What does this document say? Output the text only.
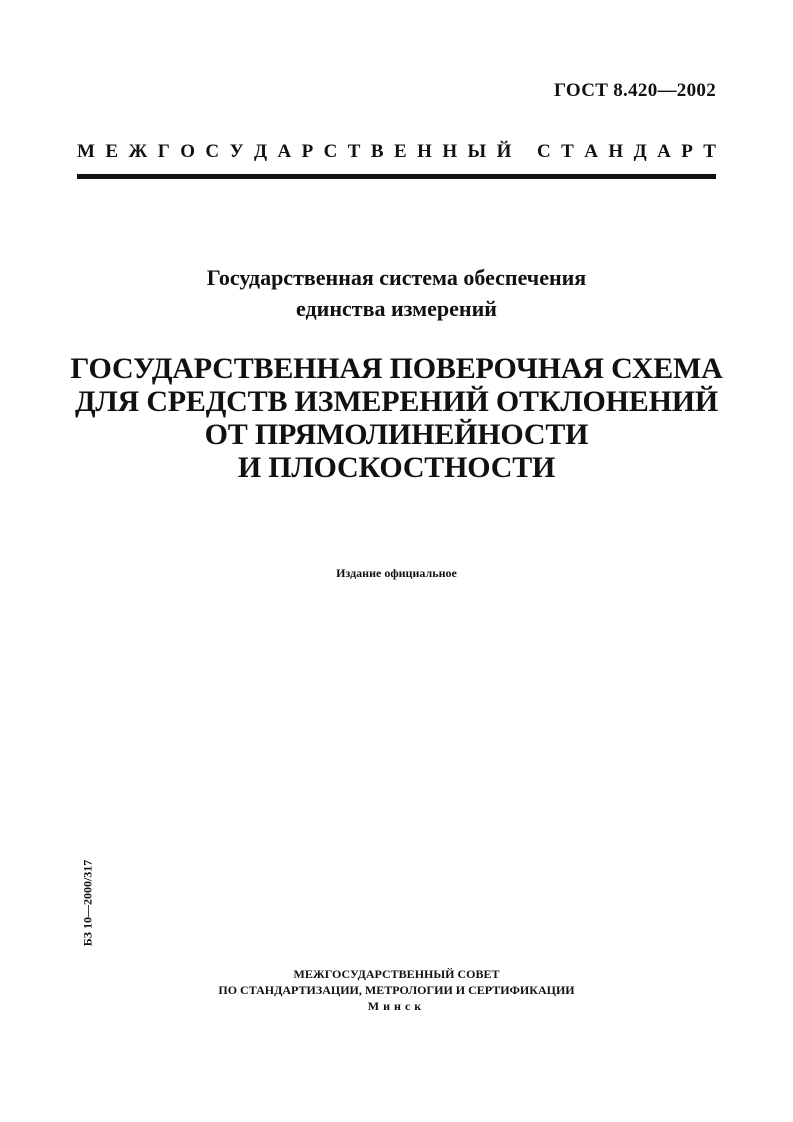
ГОСТ 8.420—2002
М Е Ж Г О С У Д А Р С Т В Е Н Н Ы Й
С Т А Н Д А Р Т
Государственная система обеспечения
единства измерений
ГОСУДАРСТВЕННАЯ ПОВЕРОЧНАЯ СХЕМА
ДЛЯ СРЕДСТВ ИЗМЕРЕНИЙ ОТКЛОНЕНИЙ
ОТ ПРЯМОЛИНЕЙНОСТИ
И ПЛОСКОСТНОСТИ
Издание официальное
БЗ 10—2000/317
МЕЖГОСУДАРСТВЕННЫЙ СОВЕТ
ПО СТАНДАРТИЗАЦИИ, МЕТРОЛОГИИ И СЕРТИФИКАЦИИ
Минск
